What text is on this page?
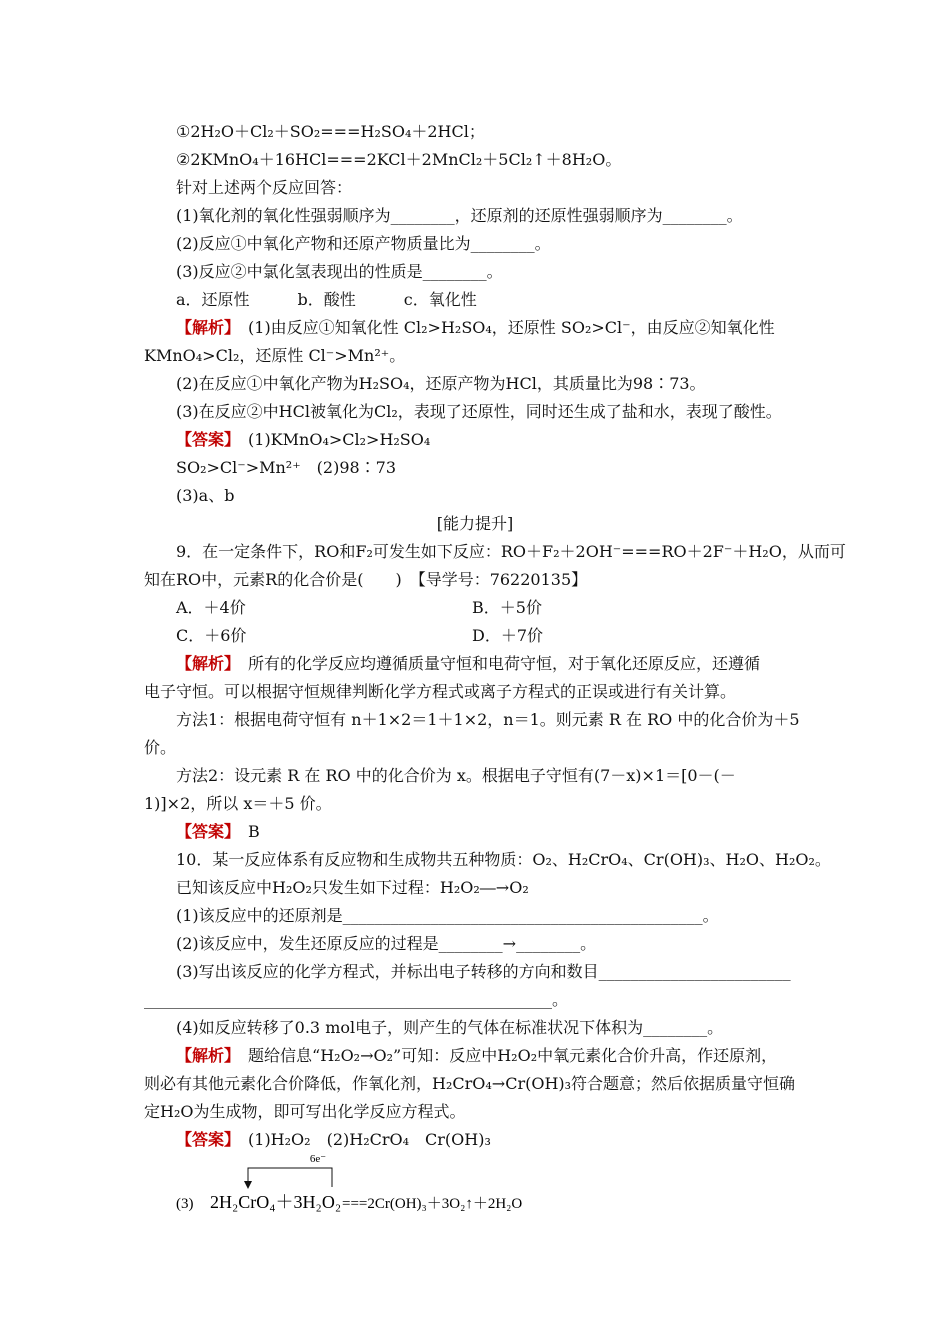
①2H₂O＋Cl₂＋SO₂===H₂SO₄＋2HCl；
②2KMnO₄＋16HCl===2KCl＋2MnCl₂＋5Cl₂↑＋8H₂O。
针对上述两个反应回答：
(1)氧化剂的氧化性强弱顺序为________，还原剂的还原性强弱顺序为________。
(2)反应①中氧化产物和还原产物质量比为________。
(3)反应②中氯化氢表现出的性质是________。
a．还原性　　　b．酸性　　　c．氧化性
【解析】　(1)由反应①知氧化性 Cl₂>H₂SO₄，还原性 SO₂>Cl⁻，由反应②知氧化性
KMnO₄>Cl₂，还原性 Cl⁻>Mn²⁺。
(2)在反应①中氧化产物为H₂SO₄，还原产物为HCl，其质量比为98∶73。
(3)在反应②中HCl被氧化为Cl₂，表现了还原性，同时还生成了盐和水，表现了酸性。
【答案】　(1)KMnO₄>Cl₂>H₂SO₄
SO₂>Cl⁻>Mn²⁺　(2)98∶73
(3)a、b
[能力提升]
9．在一定条件下，RO和F₂可发生如下反应：RO＋F₂＋2OH⁻===RO＋2F⁻＋H₂O，从而可
知在RO中，元素R的化合价是(　　)　【导学号：76220135】
A．＋4价	B．＋5价
C．＋6价	D．＋7价
【解析】　所有的化学反应均遵循质量守恒和电荷守恒，对于氧化还原反应，还遵循
电子守恒。可以根据守恒规律判断化学方程式或离子方程式的正误或进行有关计算。
方法1：根据电荷守恒有 n＋1×2＝1＋1×2，n＝1。则元素 R 在 RO 中的化合价为＋5
价。
方法2：设元素 R 在 RO 中的化合价为 x。根据电子守恒有(7－x)×1＝[0－(－
1)]×2，所以 x＝＋5 价。
【答案】　B
10．某一反应体系有反应物和生成物共五种物质：O₂、H₂CrO₄、Cr(OH)₃、H₂O、H₂O₂。
已知该反应中H₂O₂只发生如下过程：H₂O₂―→O₂
(1)该反应中的还原剂是_____________________________________________。
(2)该反应中，发生还原反应的过程是________→________。
(3)写出该反应的化学方程式，并标出电子转移的方向和数目________________________
___________________________________________________。
(4)如反应转移了0.3 mol电子，则产生的气体在标准状况下体积为________。
【解析】　题给信息“H₂O₂→O₂”可知：反应中H₂O₂中氧元素化合价升高，作还原剂，
则必有其他元素化合价降低，作氧化剂，H₂CrO₄→Cr(OH)₃符合题意；然后依据质量守恒确
定H₂O为生成物，即可写出化学反应方程式。
【答案】　(1)H₂O₂　(2)H₂CrO₄　Cr(OH)₃
(3)
6e⁻
2H₂CrO₄＋3H₂O₂ ===2Cr(OH)₃＋3O₂↑＋2H₂O
